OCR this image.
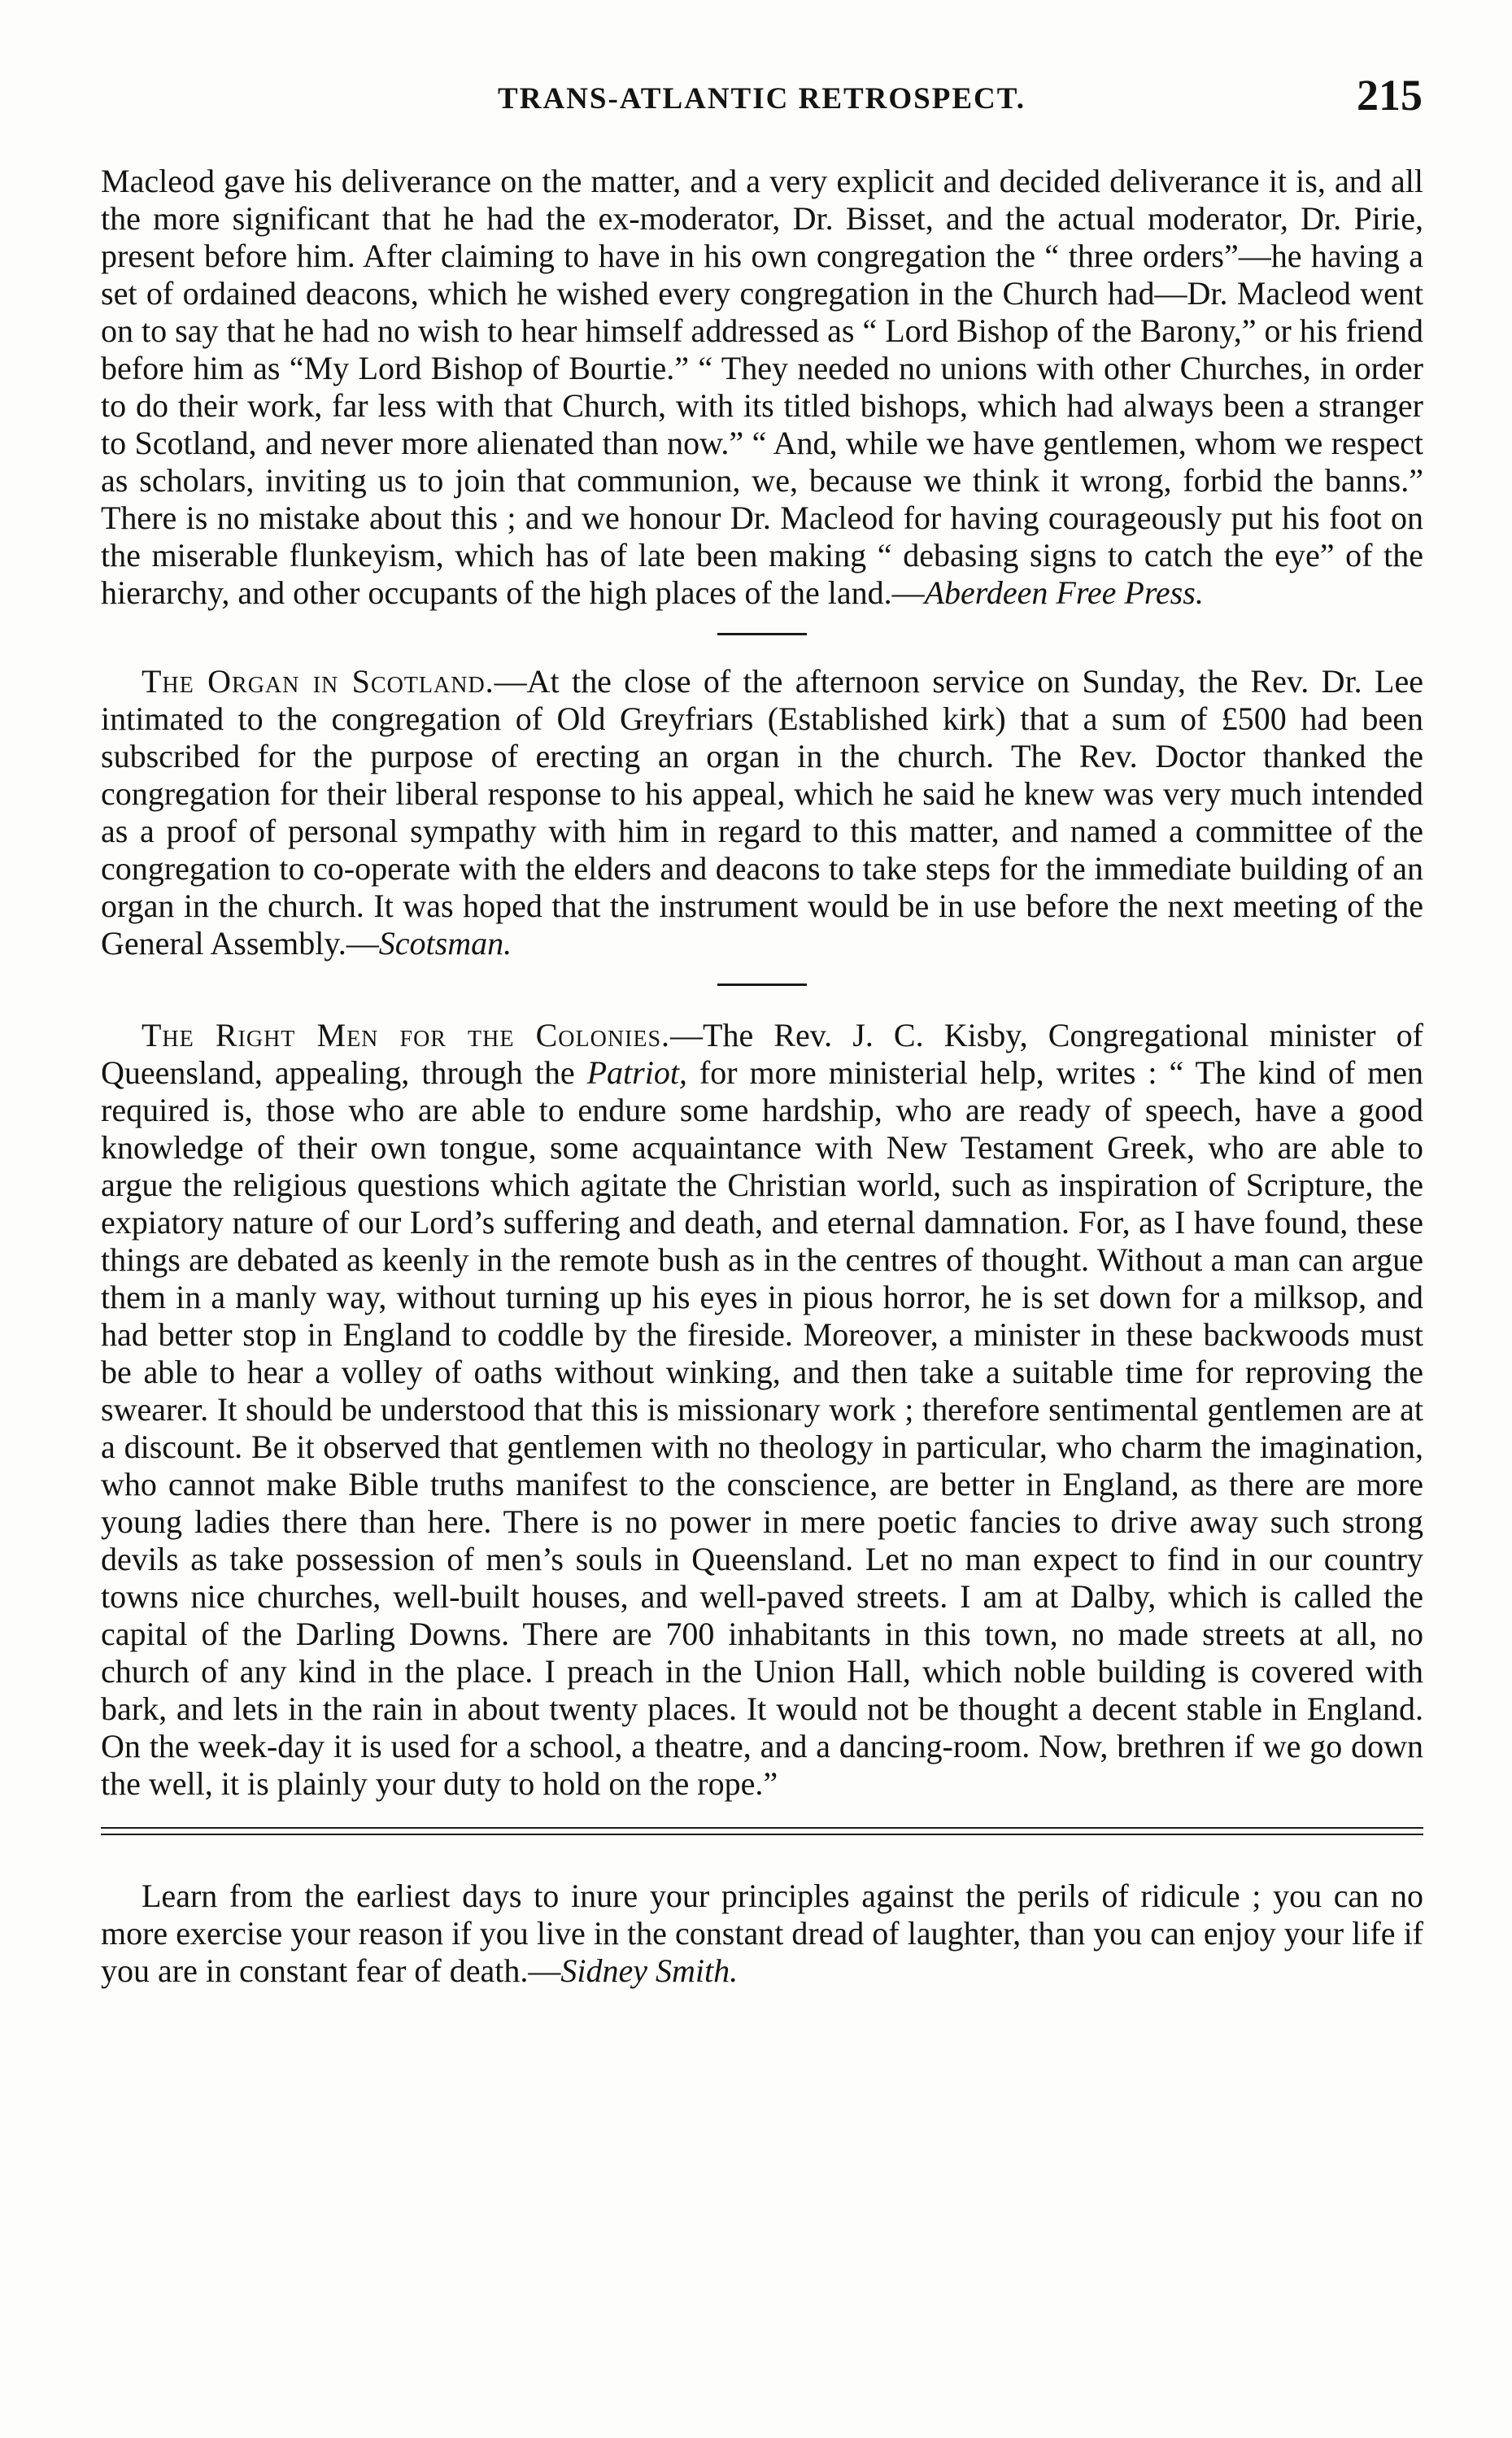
TRANS-ATLANTIC RETROSPECT.	215

Macleod gave his deliverance on the matter, and a very explicit and decided deliverance it is, and all the more significant that he had the ex-moderator, Dr. Bisset, and the actual moderator, Dr. Pirie, present before him. After claiming to have in his own congregation the “ three orders”—he having a set of ordained deacons, which he wished every congregation in the Church had—Dr. Macleod went on to say that he had no wish to hear himself addressed as “ Lord Bishop of the Barony,” or his friend before him as “My Lord Bishop of Bourtie.” “ They needed no unions with other Churches, in order to do their work, far less with that Church, with its titled bishops, which had always been a stranger to Scotland, and never more alienated than now.” “ And, while we have gentlemen, whom we respect as scholars, inviting us to join that communion, we, because we think it wrong, forbid the banns.” There is no mistake about this ; and we honour Dr. Macleod for having courageously put his foot on the miserable flunkeyism, which has of late been making “ debasing signs to catch the eye” of the hierarchy, and other occupants of the high places of the land.—Aberdeen Free Press.

The Organ in Scotland.—At the close of the afternoon service on Sunday, the Rev. Dr. Lee intimated to the congregation of Old Greyfriars (Established kirk) that a sum of £500 had been subscribed for the purpose of erecting an organ in the church. The Rev. Doctor thanked the congregation for their liberal response to his appeal, which he said he knew was very much intended as a proof of personal sympathy with him in regard to this matter, and named a committee of the congregation to co-operate with the elders and deacons to take steps for the immediate building of an organ in the church. It was hoped that the instrument would be in use before the next meeting of the General Assembly.—Scotsman.

The Right Men for the Colonies.—The Rev. J. C. Kisby, Congregational minister of Queensland, appealing, through the Patriot, for more ministerial help, writes : “ The kind of men required is, those who are able to endure some hardship, who are ready of speech, have a good knowledge of their own tongue, some acquaintance with New Testament Greek, who are able to argue the religious questions which agitate the Christian world, such as inspiration of Scripture, the expiatory nature of our Lord’s suffering and death, and eternal damnation. For, as I have found, these things are debated as keenly in the remote bush as in the centres of thought. Without a man can argue them in a manly way, without turning up his eyes in pious horror, he is set down for a milksop, and had better stop in England to coddle by the fireside. Moreover, a minister in these backwoods must be able to hear a volley of oaths without winking, and then take a suitable time for reproving the swearer. It should be understood that this is missionary work ; therefore sentimental gentlemen are at a discount. Be it observed that gentlemen with no theology in particular, who charm the imagination, who cannot make Bible truths manifest to the conscience, are better in England, as there are more young ladies there than here. There is no power in mere poetic fancies to drive away such strong devils as take possession of men’s souls in Queensland. Let no man expect to find in our country towns nice churches, well-built houses, and well-paved streets. I am at Dalby, which is called the capital of the Darling Downs. There are 700 inhabitants in this town, no made streets at all, no church of any kind in the place. I preach in the Union Hall, which noble building is covered with bark, and lets in the rain in about twenty places. It would not be thought a decent stable in England. On the week-day it is used for a school, a theatre, and a dancing-room. Now, brethren if we go down the well, it is plainly your duty to hold on the rope.”

Learn from the earliest days to inure your principles against the perils of ridicule ; you can no more exercise your reason if you live in the constant dread of laughter, than you can enjoy your life if you are in constant fear of death.—Sidney Smith.
